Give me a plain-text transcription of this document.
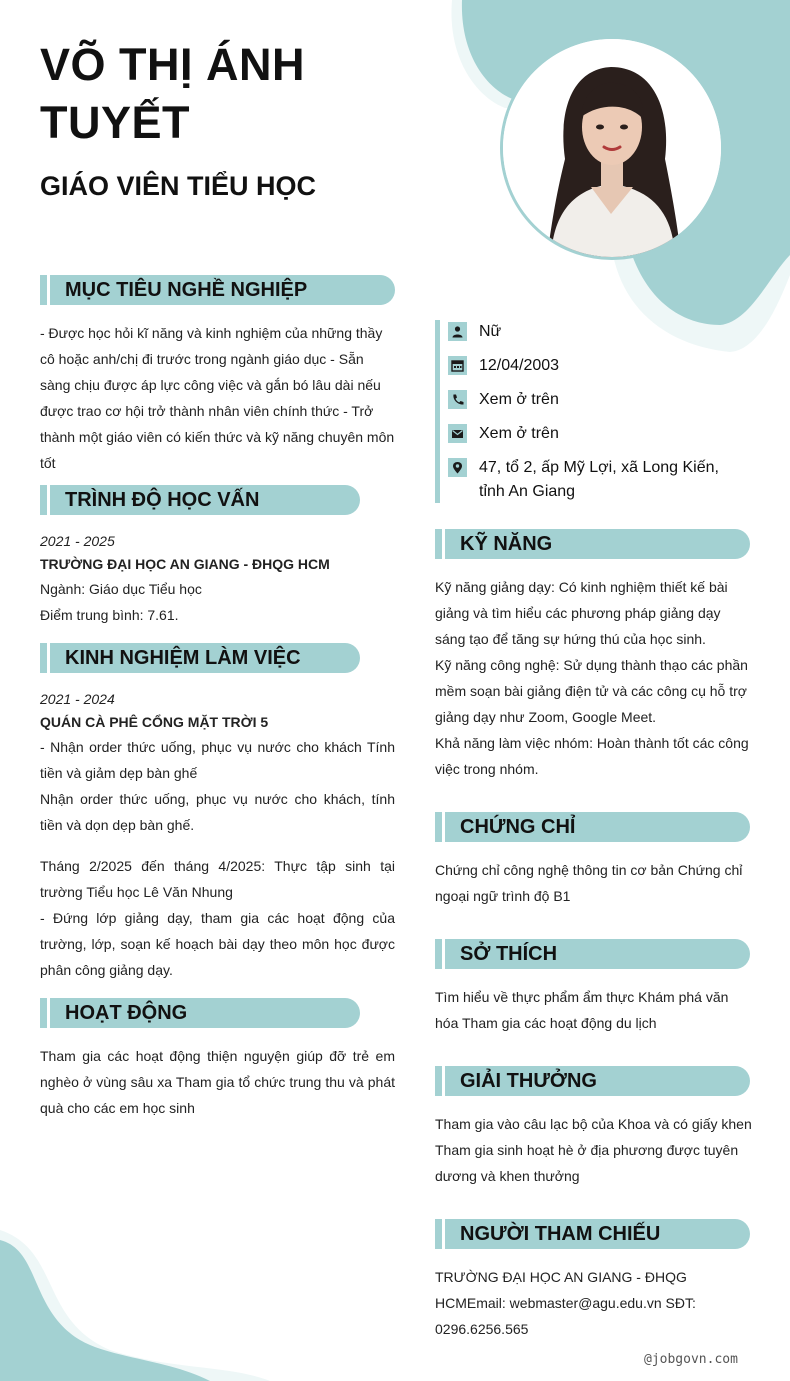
VÕ THỊ ÁNH TUYẾT
GIÁO VIÊN TIỂU HỌC
MỤC TIÊU NGHỀ NGHIỆP
- Được học hỏi kĩ năng và kinh nghiệm của những thầy cô hoặc anh/chị đi trước trong ngành giáo dục - Sẵn sàng chịu được áp lực công việc và gắn bó lâu dài nếu được trao cơ hội trở thành nhân viên chính thức - Trở thành một giáo viên có kiến thức và kỹ năng chuyên môn tốt
TRÌNH ĐỘ HỌC VẤN
2021 - 2025
TRƯỜNG ĐẠI HỌC AN GIANG - ĐHQG HCM
Ngành: Giáo dục Tiểu học
Điểm trung bình: 7.61.
KINH NGHIỆM LÀM VIỆC
2021 - 2024
QUÁN CÀ PHÊ CỔNG MẶT TRỜI 5
- Nhận order thức uống, phục vụ nước cho khách Tính tiền và giảm dẹp bàn ghế
Nhận order thức uống, phục vụ nước cho khách, tính tiền và dọn dẹp bàn ghế.
Tháng 2/2025 đến tháng 4/2025: Thực tập sinh tại trường Tiểu học Lê Văn Nhung
- Đứng lớp giảng dạy, tham gia các hoạt động của trường, lớp, soạn kế hoạch bài dạy theo môn học được phân công giảng dạy.
HOẠT ĐỘNG
Tham gia các hoạt động thiện nguyện giúp đỡ trẻ em nghèo ở vùng sâu xa Tham gia tổ chức trung thu và phát quà cho các em học sinh
Nữ
12/04/2003
Xem ở trên
Xem ở trên
47, tổ 2, ấp Mỹ Lợi, xã Long Kiến, tỉnh An Giang
KỸ NĂNG
Kỹ năng giảng dạy: Có kinh nghiệm thiết kế bài giảng và tìm hiểu các phương pháp giảng dạy sáng tạo để tăng sự hứng thú của học sinh.
Kỹ năng công nghệ: Sử dụng thành thạo các phần mềm soạn bài giảng điện tử và các công cụ hỗ trợ giảng dạy như Zoom, Google Meet.
Khả năng làm việc nhóm: Hoàn thành tốt các công việc trong nhóm.
CHỨNG CHỈ
Chứng chỉ công nghệ thông tin cơ bản Chứng chỉ ngoại ngữ trình độ B1
SỞ THÍCH
Tìm hiểu về thực phẩm ẩm thực Khám phá văn hóa Tham gia các hoạt động du lịch
GIẢI THƯỞNG
Tham gia vào câu lạc bộ của Khoa và có giấy khen Tham gia sinh hoạt hè ở địa phương được tuyên dương và khen thưởng
NGƯỜI THAM CHIẾU
TRƯỜNG ĐẠI HỌC AN GIANG - ĐHQG HCMEmail: webmaster@agu.edu.vn SĐT: 0296.6256.565
@jobgovn.com
